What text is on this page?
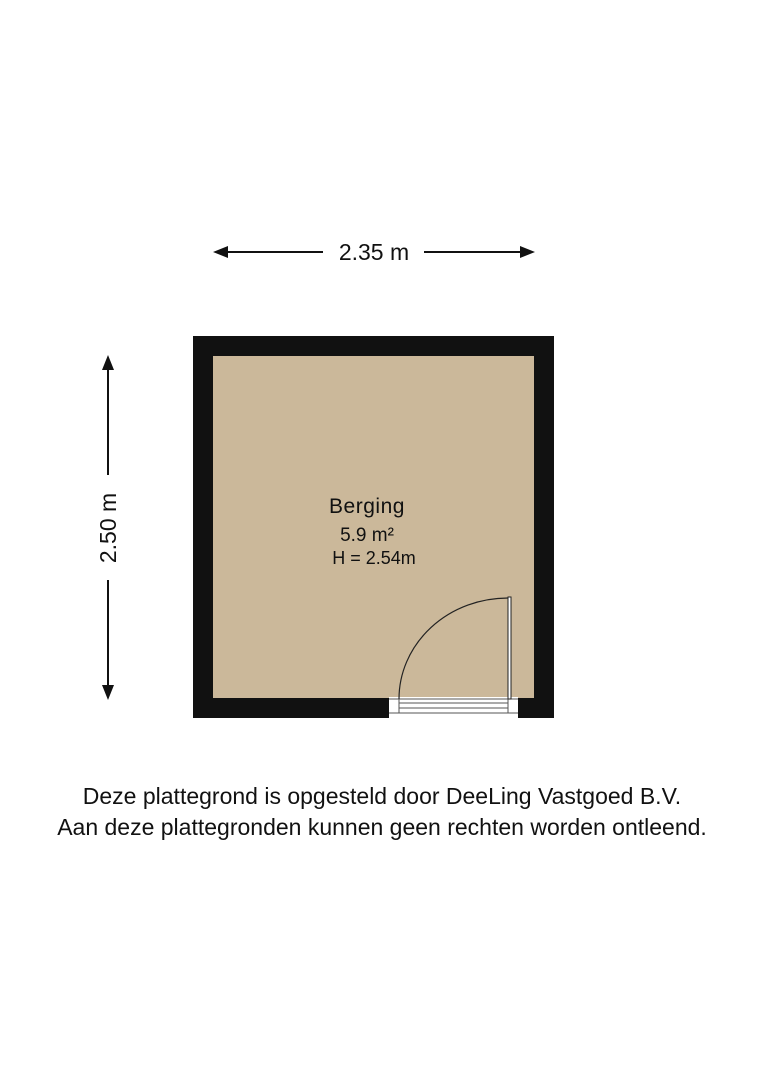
2.35 m
2.50 m	Berging
5.9 m²
H = 2.54m
Deze plattegrond is opgesteld door DeeLing Vastgoed B.V.
Aan deze plattegronden kunnen geen rechten worden ontleend.
